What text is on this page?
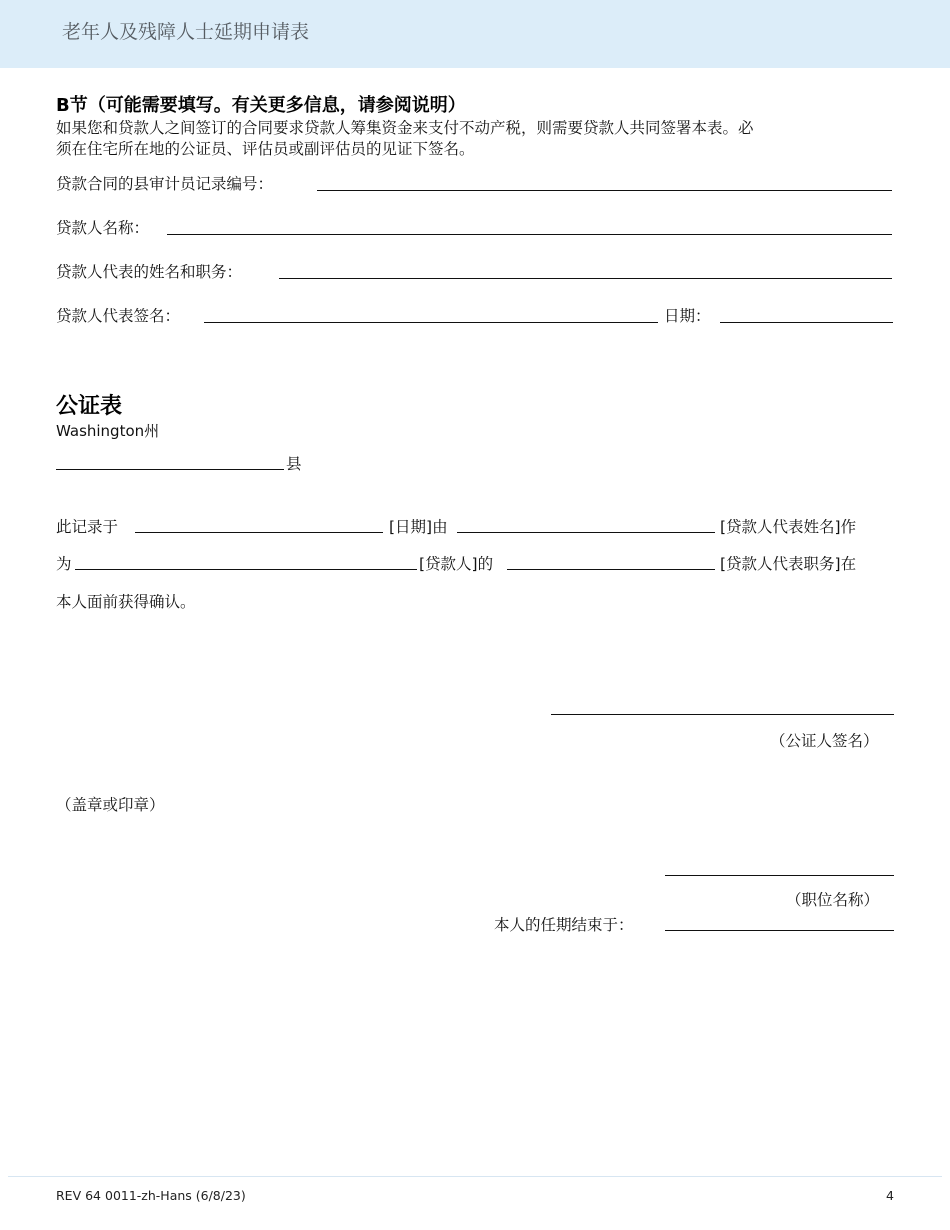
老年人及残障人士延期申请表
B节（可能需要填写。有关更多信息，请参阅说明）
如果您和贷款人之间签订的合同要求贷款人筹集资金来支付不动产税，则需要贷款人共同签署本表。必
须在住宅所在地的公证员、评估员或副评估员的见证下签名。
贷款合同的县审计员记录编号：
贷款人名称：
贷款人代表的姓名和职务：
贷款人代表签名：	日期：
公证表
Washington州
县
此记录于	[日期]由	[贷款人代表姓名]作
为	[贷款人]的	[贷款人代表职务]在
本人面前获得确认。
（公证人签名）
（盖章或印章）
（职位名称）
本人的任期结束于：
REV 64 0011-zh-Hans (6/8/23)	4
